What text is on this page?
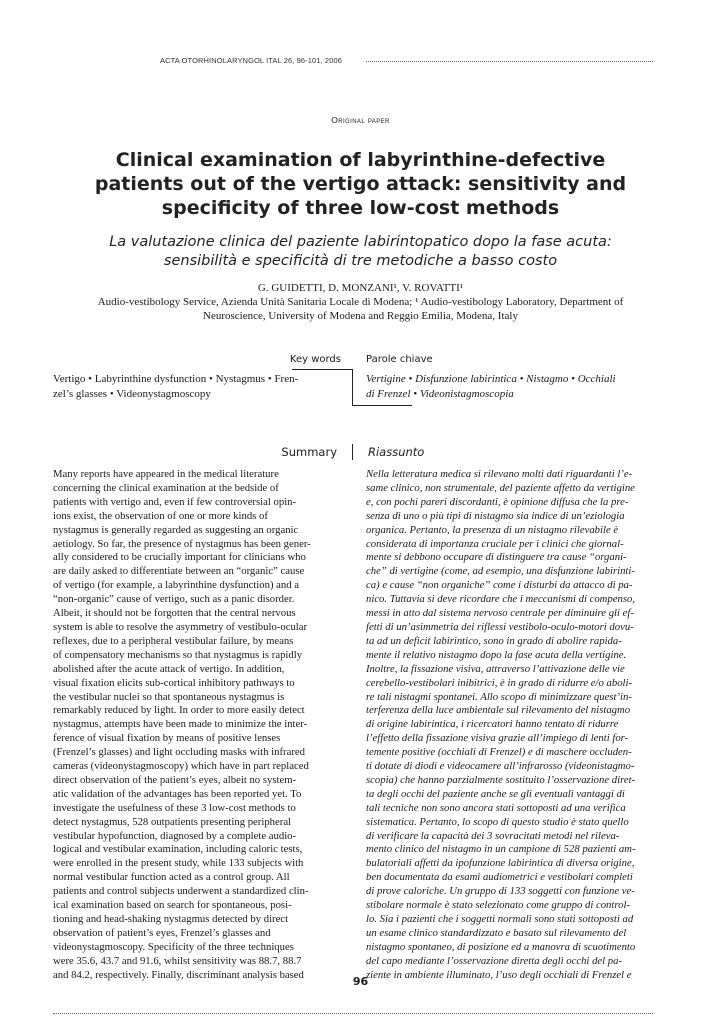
ACTA OTORHINOLARYNGOL ITAL 26, 96-101, 2006
Original paper
Clinical examination of labyrinthine-defective
patients out of the vertigo attack: sensitivity and
specificity of three low-cost methods
La valutazione clinica del paziente labirintopatico dopo la fase acuta:
sensibilità e specificità di tre metodiche a basso costo
G. GUIDETTI, D. MONZANI¹, V. ROVATTI¹
Audio-vestibology Service, Azienda Unità Sanitaria Locale di Modena; ¹ Audio-vestibology Laboratory, Department of
Neuroscience, University of Modena and Reggio Emilia, Modena, Italy
Key words	Parole chiave
Vertigo • Labyrinthine dysfunction • Nystagmus • Fren-
zel’s glasses • Videonystagmoscopy
Vertigine • Disfunzione labirintica • Nistagmo • Occhiali
di Frenzel • Videonistagmoscopia
Summary	Riassunto
Many reports have appeared in the medical literature
concerning the clinical examination at the bedside of
patients with vertigo and, even if few controversial opin-
ions exist, the observation of one or more kinds of
nystagmus is generally regarded as suggesting an organic
aetiology. So far, the presence of nystagmus has been gener-
ally considered to be crucially important for clinicians who
are daily asked to differentiate between an “organic” cause
of vertigo (for example, a labyrinthine dysfunction) and a
“non-organic” cause of vertigo, such as a panic disorder.
Albeit, it should not be forgotten that the central nervous
system is able to resolve the asymmetry of vestibulo-ocular
reflexes, due to a peripheral vestibular failure, by means
of compensatory mechanisms so that nystagmus is rapidly
abolished after the acute attack of vertigo. In addition,
visual fixation elicits sub-cortical inhibitory pathways to
the vestibular nuclei so that spontaneous nystagmus is
remarkably reduced by light. In order to more easily detect
nystagmus, attempts have been made to minimize the inter-
ference of visual fixation by means of positive lenses
(Frenzel’s glasses) and light occluding masks with infrared
cameras (videonystagmoscopy) which have in part replaced
direct observation of the patient’s eyes, albeit no system-
atic validation of the advantages has been reported yet. To
investigate the usefulness of these 3 low-cost methods to
detect nystagmus, 528 outpatients presenting peripheral
vestibular hypofunction, diagnosed by a complete audio-
logical and vestibular examination, including caloric tests,
were enrolled in the present study, while 133 subjects with
normal vestibular function acted as a control group. All
patients and control subjects underwent a standardized clin-
ical examination based on search for spontaneous, posi-
tioning and head-shaking nystagmus detected by direct
observation of patient’s eyes, Frenzel’s glasses and
videonystagmoscopy. Specificity of the three techniques
were 35.6, 43.7 and 91.6, whilst sensitivity was 88.7, 88.7
and 84.2, respectively. Finally, discriminant analysis based
Nella letteratura medica si rilevano molti dati riguardanti l’e-
same clinico, non strumentale, del paziente affetto da vertigine
e, con pochi pareri discordanti, è opinione diffusa che la pre-
senza di uno o più tipi di nistagmo sia indice di un’eziologia
organica. Pertanto, la presenza di un nistagmo rilevabile è
considerata di importanza cruciale per i clinici che giornal-
mente si debbono occupare di distinguere tra cause “organi-
che” di vertigine (come, ad esempio, una disfunzione labirinti-
ca) e cause “non organiche” come i disturbi da attacco di pa-
nico. Tuttavia si deve ricordare che i meccanismi di compenso,
messi in atto dal sistema nervoso centrale per diminuire gli ef-
fetti di un’asimmetria dei riflessi vestibolo-oculo-motori dovu-
ta ad un deficit labirintico, sono in grado di abolire rapida-
mente il relativo nistagmo dopo la fase acuta della vertigine.
Inoltre, la fissazione visiva, attraverso l’attivazione delle vie
cerebello-vestibolari inibitrici, è in grado di ridurre e/o aboli-
re tali nistagmi spontanei. Allo scopo di minimizzare quest’in-
terferenza della luce ambientale sul rilevamento del nistagmo
di origine labirintica, i ricercatori hanno tentato di ridurre
l’effetto della fissazione visiva grazie all’impiego di lenti for-
temente positive (occhiali di Frenzel) e di maschere occluden-
ti dotate di diodi e videocamere all’infrarosso (videonistagmo-
scopia) che hanno parzialmente sostituito l’osservazione diret-
ta degli occhi del paziente anche se gli eventuali vantaggi di
tali tecniche non sono ancora stati sottoposti ad una verifica
sistematica. Pertanto, lo scopo di questo studio è stato quello
di verificare la capacità dei 3 sovracitati metodi nel rileva-
mento clinico del nistagmo in un campione di 528 pazienti am-
bulatoriali affetti da ipofunzione labirintica di diversa origine,
ben documentata da esami audiometrici e vestibolari completi
di prove caloriche. Un gruppo di 133 soggetti con funzione ve-
stibolare normale è stato selezionato come gruppo di control-
lo. Sia i pazienti che i soggetti normali sono stati sottoposti ad
un esame clinico standardizzato e basato sul rilevamento del
nistagmo spontaneo, di posizione ed a manovra di scuotimento
del capo mediante l’osservazione diretta degli occhi del pa-
ziente in ambiente illuminato, l’uso degli occhiali di Frenzel e
96
